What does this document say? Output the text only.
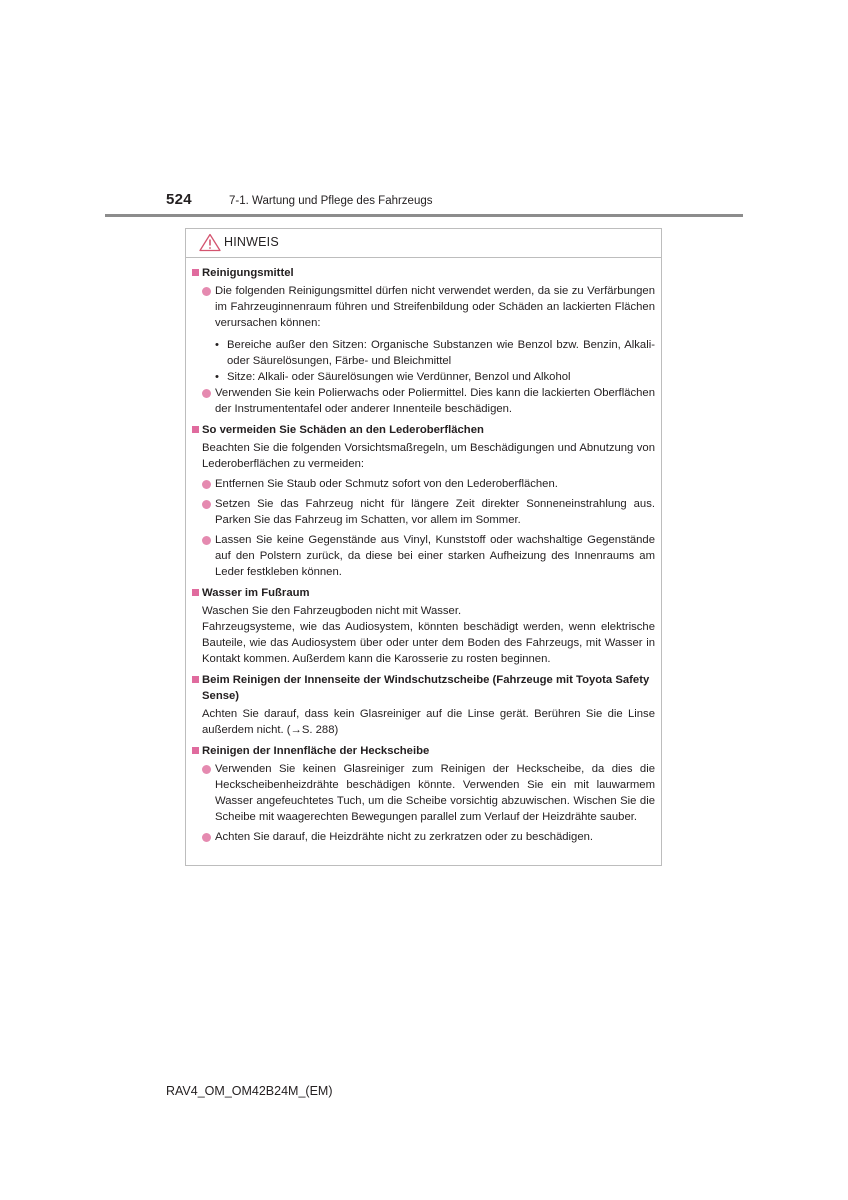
524	7-1. Wartung und Pflege des Fahrzeugs
HINWEIS
Reinigungsmittel
Die folgenden Reinigungsmittel dürfen nicht verwendet werden, da sie zu Verfärbungen im Fahrzeuginnenraum führen und Streifenbildung oder Schäden an lackierten Flächen verursachen können:
• Bereiche außer den Sitzen: Organische Substanzen wie Benzol bzw. Benzin, Alkali- oder Säurelösungen, Färbe- und Bleichmittel
• Sitze: Alkali- oder Säurelösungen wie Verdünner, Benzol und Alkohol
Verwenden Sie kein Polierwachs oder Poliermittel. Dies kann die lackierten Oberflächen der Instrumententafel oder anderer Innenteile beschädigen.
So vermeiden Sie Schäden an den Lederoberflächen
Beachten Sie die folgenden Vorsichtsmaßregeln, um Beschädigungen und Abnutzung von Lederoberflächen zu vermeiden:
Entfernen Sie Staub oder Schmutz sofort von den Lederoberflächen.
Setzen Sie das Fahrzeug nicht für längere Zeit direkter Sonneneinstrahlung aus. Parken Sie das Fahrzeug im Schatten, vor allem im Sommer.
Lassen Sie keine Gegenstände aus Vinyl, Kunststoff oder wachshaltige Gegenstände auf den Polstern zurück, da diese bei einer starken Aufheizung des Innenraums am Leder festkleben können.
Wasser im Fußraum
Waschen Sie den Fahrzeugboden nicht mit Wasser.
Fahrzeugsysteme, wie das Audiosystem, könnten beschädigt werden, wenn elektrische Bauteile, wie das Audiosystem über oder unter dem Boden des Fahrzeugs, mit Wasser in Kontakt kommen. Außerdem kann die Karosserie zu rosten beginnen.
Beim Reinigen der Innenseite der Windschutzscheibe (Fahrzeuge mit Toyota Safety Sense)
Achten Sie darauf, dass kein Glasreiniger auf die Linse gerät. Berühren Sie die Linse außerdem nicht. (→S. 288)
Reinigen der Innenfläche der Heckscheibe
Verwenden Sie keinen Glasreiniger zum Reinigen der Heckscheibe, da dies die Heckscheibenheizdrähte beschädigen könnte. Verwenden Sie ein mit lauwarmem Wasser angefeuchtetes Tuch, um die Scheibe vorsichtig abzuwischen. Wischen Sie die Scheibe mit waagerechten Bewegungen parallel zum Verlauf der Heizdrähte sauber.
Achten Sie darauf, die Heizdrähte nicht zu zerkratzen oder zu beschädigen.
RAV4_OM_OM42B24M_(EM)
